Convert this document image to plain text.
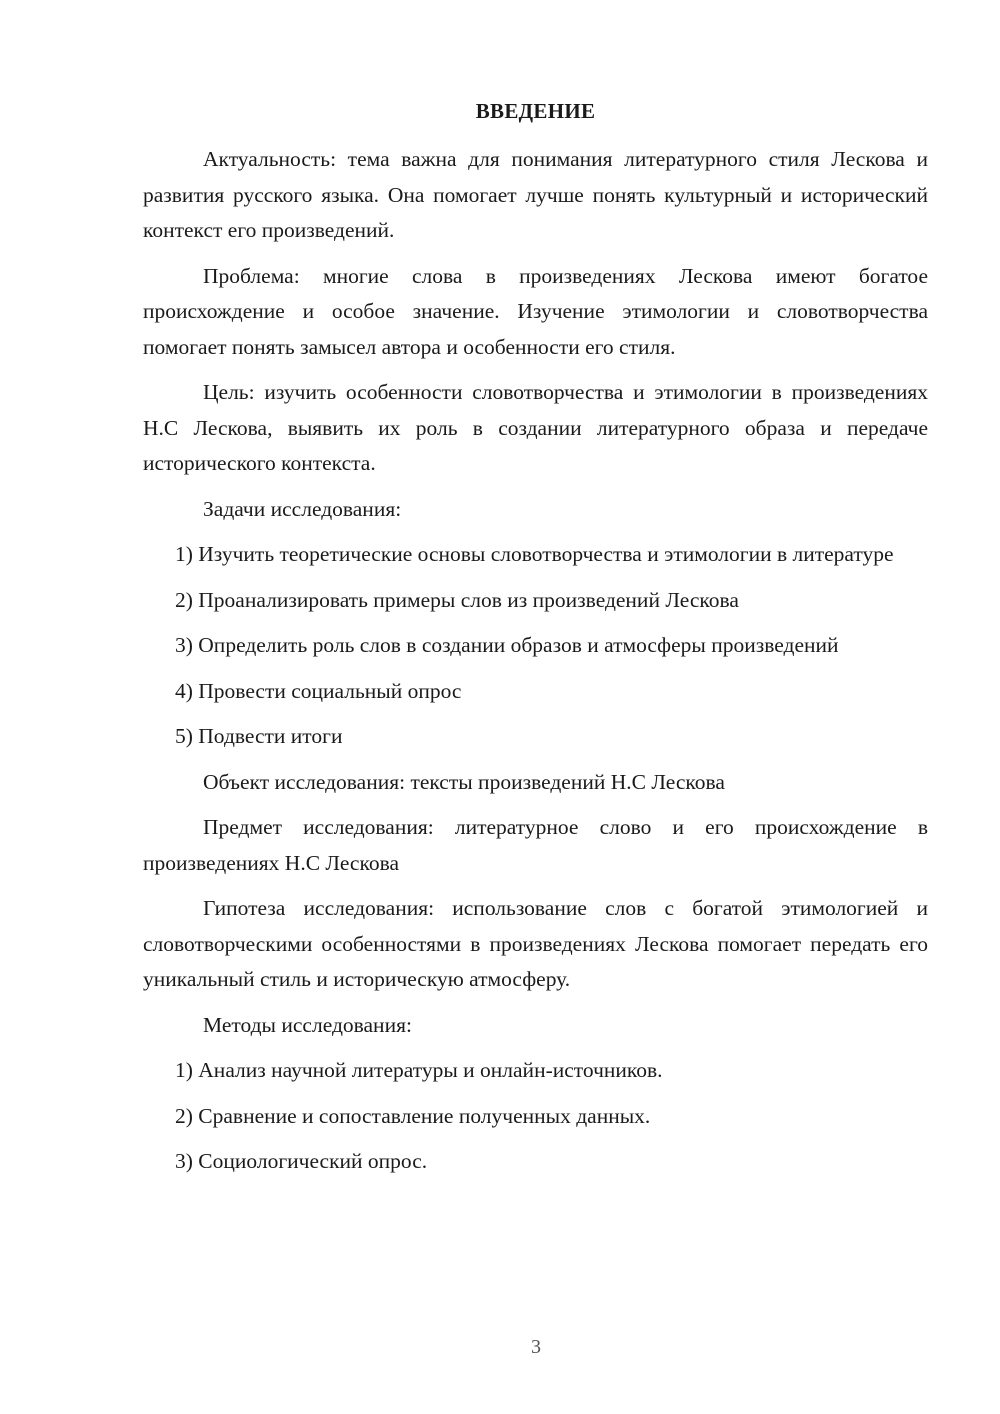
ВВЕДЕНИЕ

Актуальность: тема важна для понимания литературного стиля Лескова и развития русского языка. Она помогает лучше понять культурный и исторический контекст его произведений.

Проблема: многие слова в произведениях Лескова имеют богатое происхождение и особое значение. Изучение этимологии и словотворчества помогает понять замысел автора и особенности его стиля.

Цель: изучить особенности словотворчества и этимологии в произведениях Н.С Лескова, выявить их роль в создании литературного образа и передаче исторического контекста.

Задачи исследования:

1) Изучить теоретические основы словотворчества и этимологии в литературе

2) Проанализировать примеры слов из произведений Лескова

3) Определить роль слов в создании образов и атмосферы произведений

4) Провести социальный опрос

5) Подвести итоги

Объект исследования: тексты произведений Н.С Лескова

Предмет исследования: литературное слово и его происхождение в произведениях Н.С Лескова

Гипотеза исследования: использование слов с богатой этимологией и словотворческими особенностями в произведениях Лескова помогает передать его уникальный стиль и историческую атмосферу.

Методы исследования:

1) Анализ научной литературы и онлайн-источников.

2) Сравнение и сопоставление полученных данных.

3) Социологический опрос.

3
